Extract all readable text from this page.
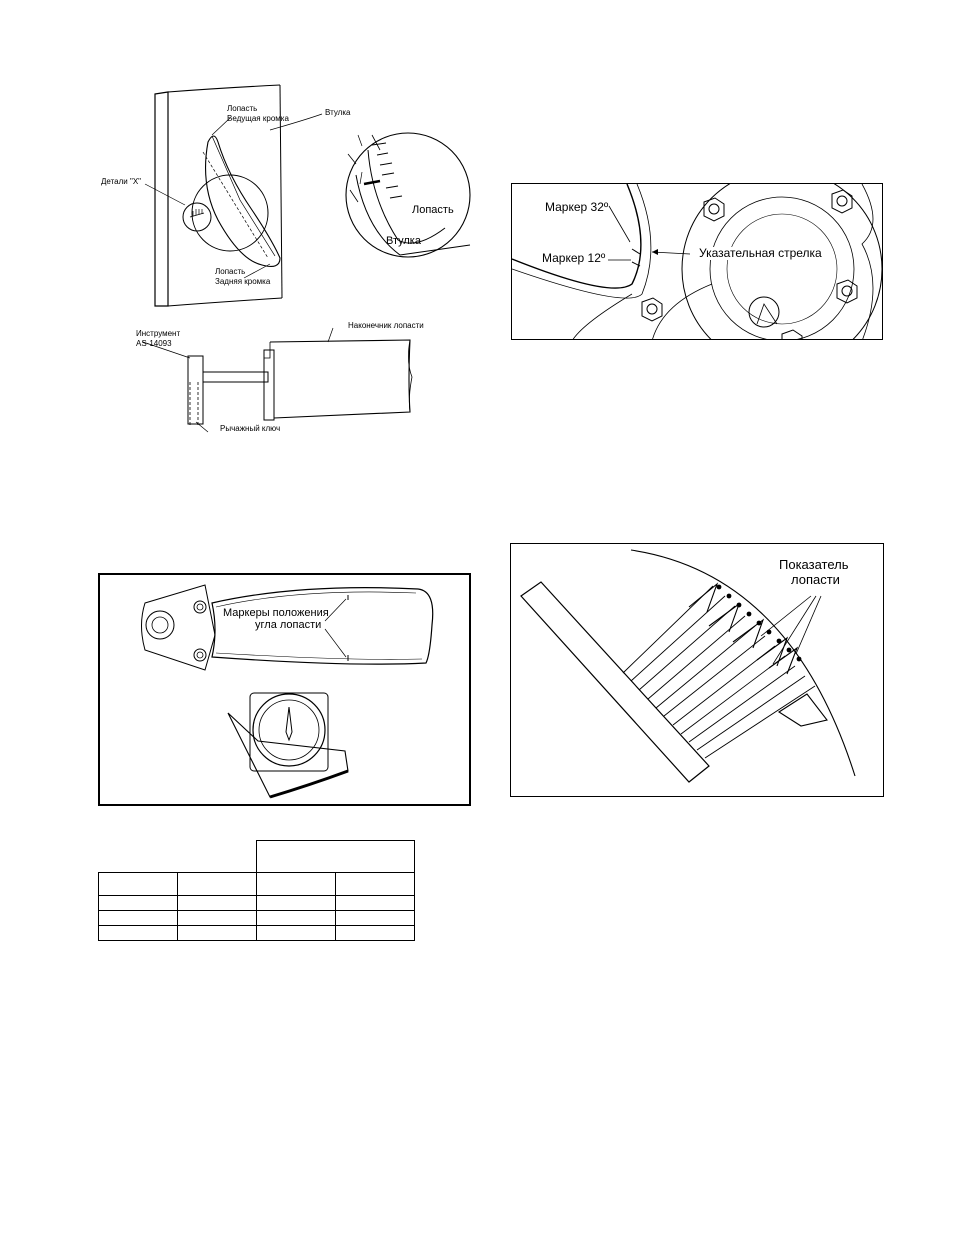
Лопасть
Ведущая кромка
Втулка
Детали "X"
Лопасть
Задняя кромка
Лопасть
Втулка
Инструмент
AS-14093
Наконечник лопасти
Рычажный ключ
Маркер 32º
Маркер 12º	Указательная стрелка
Маркеры положения
угла лопасти
Показатель
лопасти
